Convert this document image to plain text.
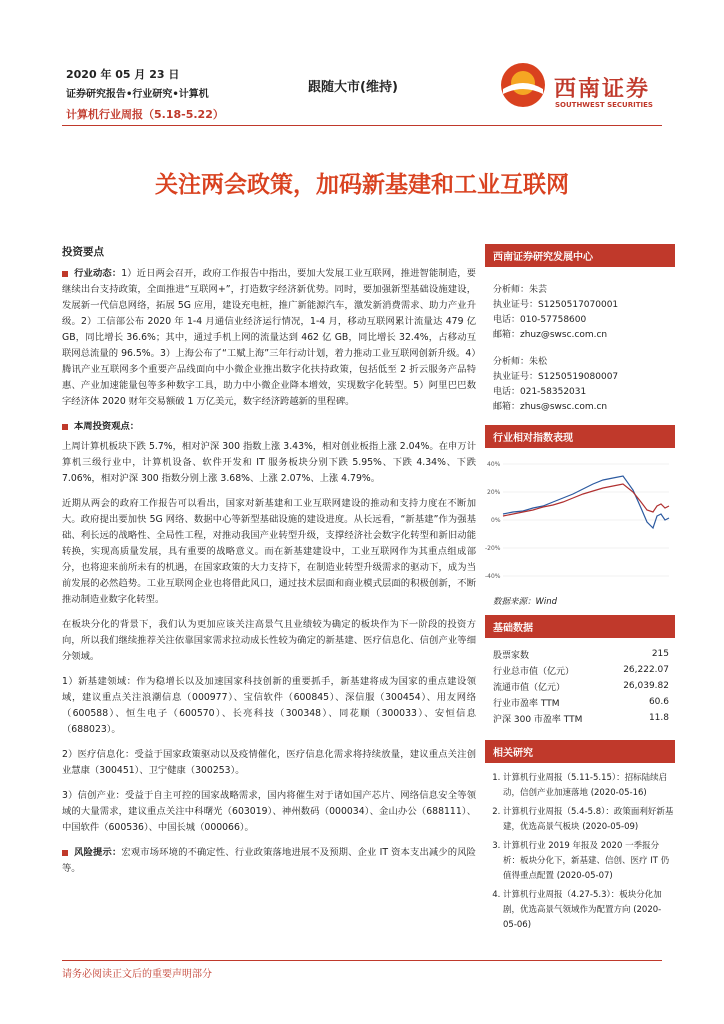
2020 年 05 月 23 日
证券研究报告•行业研究•计算机
计算机行业周报（5.18-5.22）
跟随大市(维持)	西南证券
SOUTHWEST SECURITIES
关注两会政策，加码新基建和工业互联网
投资要点

行业动态：1）近日两会召开，政府工作报告中指出，要加大发展工业互联网，推进智能制造，要继续出台支持政策，全面推进“互联网+”，打造数字经济新优势。同时，要加强新型基础设施建设，发展新一代信息网络，拓展 5G 应用，建设充电桩，推广新能源汽车，激发新消费需求、助力产业升级。2）工信部公布 2020 年 1-4 月通信业经济运行情况，1-4 月，移动互联网累计流量达 479 亿 GB，同比增长 36.6%；其中，通过手机上网的流量达到 462 亿 GB，同比增长 32.4%，占移动互联网总流量的 96.5%。3）上海公布了“工赋上海”三年行动计划，着力推动工业互联网创新升级。4）腾讯产业互联网多个重要产品线面向中小微企业推出数字化扶持政策，包括低至 2 折云服务产品特惠、产业加速能量包等多种数字工具，助力中小微企业降本增效，实现数字化转型。5）阿里巴巴数字经济体 2020 财年交易额破 1 万亿美元，数字经济跨越新的里程碑。

本周投资观点：

上周计算机板块下跌 5.7%，相对沪深 300 指数上涨 3.43%，相对创业板指上涨 2.04%。在申万计算机三级行业中，计算机设备、软件开发和 IT 服务板块分别下跌 5.95%、下跌 4.34%、下跌 7.06%，相对沪深 300 指数分别上涨 3.68%、上涨 2.07%、上涨 4.79%。

近期从两会的政府工作报告可以看出，国家对新基建和工业互联网建设的推动和支持力度在不断加大。政府提出要加快 5G 网络、数据中心等新型基础设施的建设进度。从长远看，“新基建”作为强基础、利长远的战略性、全局性工程，对推动我国产业转型升级，支撑经济社会数字化转型和新旧动能转换，实现高质量发展，具有重要的战略意义。而在新基建建设中，工业互联网作为其重点组成部分，也将迎来前所未有的机遇，在国家政策的大力支持下，在制造业转型升级需求的驱动下，成为当前发展的必然趋势。工业互联网企业也将借此风口，通过技术层面和商业模式层面的积极创新，不断推动制造业数字化转型。

在板块分化的背景下，我们认为更加应该关注高景气且业绩较为确定的板块作为下一阶段的投资方向，所以我们继续推荐关注依靠国家需求拉动成长性较为确定的新基建、医疗信息化、信创产业等细分领域。

1）新基建领域：作为稳增长以及加速国家科技创新的重要抓手，新基建将成为国家的重点建设领域，建议重点关注浪潮信息（000977）、宝信软件（600845）、深信服（300454）、用友网络（600588）、恒生电子（600570）、长亮科技（300348）、同花顺（300033）、安恒信息（688023）。

2）医疗信息化：受益于国家政策驱动以及疫情催化，医疗信息化需求将持续放量，建议重点关注创业慧康（300451）、卫宁健康（300253）。

3）信创产业：受益于自主可控的国家战略需求，国内将催生对于诸如国产芯片、网络信息安全等领域的大量需求，建议重点关注中科曙光（603019）、神州数码（000034）、金山办公（688111）、中国软件（600536）、中国长城（000066）。

风险提示：宏观市场环境的不确定性、行业政策落地进展不及预期、企业 IT 资本支出减少的风险等。

西南证券研究发展中心
分析师：朱芸
执业证号：S1250517070001
电话：010-57758600
邮箱：zhuz@swsc.com.cn
分析师：朱松
执业证号：S1250519080007
电话：021-58352031
邮箱：zhus@swsc.com.cn
行业相对指数表现
40%
20%
0%
-20%
-40%
数据来源：Wind
基础数据
股票家数	215
行业总市值（亿元）	26,222.07
流通市值（亿元）	26,039.82
行业市盈率 TTM	60.6
沪深 300 市盈率 TTM	11.8
相关研究
1. 计算机行业周报（5.11-5.15）：招标陆续启动，信创产业加速落地 (2020-05-16)
2. 计算机行业周报（5.4-5.8）：政策面利好新基建，优选高景气板块 (2020-05-09)
3. 计算机行业 2019 年报及 2020 一季报分析：板块分化下，新基建、信创、医疗 IT 仍值得重点配置 (2020-05-07)
4. 计算机行业周报（4.27-5.3）：板块分化加剧，优选高景气领域作为配置方向 (2020-05-06)
请务必阅读正文后的重要声明部分
